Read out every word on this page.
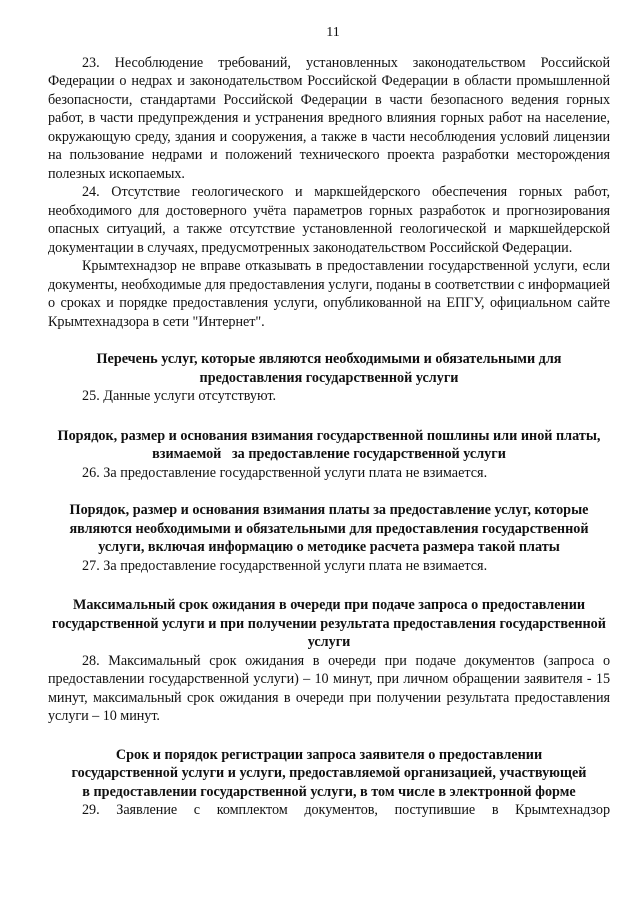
11

23. Несоблюдение требований, установленных законодательством Российской Федерации о недрах и законодательством Российской Федерации в области промышленной безопасности, стандартами Российской Федерации в части безопасного ведения горных работ, в части предупреждения и устранения вредного влияния горных работ на население, окружающую среду, здания и сооружения, а также в части несоблюдения условий лицензии на пользование недрами и положений технического проекта разработки месторождения полезных ископаемых.

24. Отсутствие геологического и маркшейдерского обеспечения горных работ, необходимого для достоверного учёта параметров горных разработок и прогнозирования опасных ситуаций, а также отсутствие установленной геологической и маркшейдерской документации в случаях, предусмотренных законодательством Российской Федерации.

Крымтехнадзор не вправе отказывать в предоставлении государственной услуги, если документы, необходимые для предоставления услуги, поданы в соответствии с информацией о сроках и порядке предоставления услуги, опубликованной на ЕПГУ, официальном сайте Крымтехнадзора в сети "Интернет".

Перечень услуг, которые являются необходимыми и обязательными для предоставления государственной услуги

25. Данные услуги отсутствуют.

Порядок, размер и основания взимания государственной пошлины или иной платы, взимаемой   за предоставление государственной услуги

26. За предоставление государственной услуги плата не взимается.

Порядок, размер и основания взимания платы за предоставление услуг, которые являются необходимыми и обязательными для предоставления государственной услуги, включая информацию о методике расчета размера такой платы

27. За предоставление государственной услуги плата не взимается.

Максимальный срок ожидания в очереди при подаче запроса о предоставлении государственной услуги и при получении результата предоставления государственной услуги

28. Максимальный срок ожидания в очереди при подаче документов (запроса о предоставлении государственной услуги) – 10 минут, при личном обращении заявителя - 15 минут, максимальный срок ожидания в очереди при получении результата предоставления услуги – 10 минут.

Срок и порядок регистрации запроса заявителя о предоставлении государственной услуги и услуги, предоставляемой организацией, участвующей в предоставлении государственной услуги, в том числе в электронной форме

29. Заявление с комплектом документов, поступившие в Крымтехнадзор
